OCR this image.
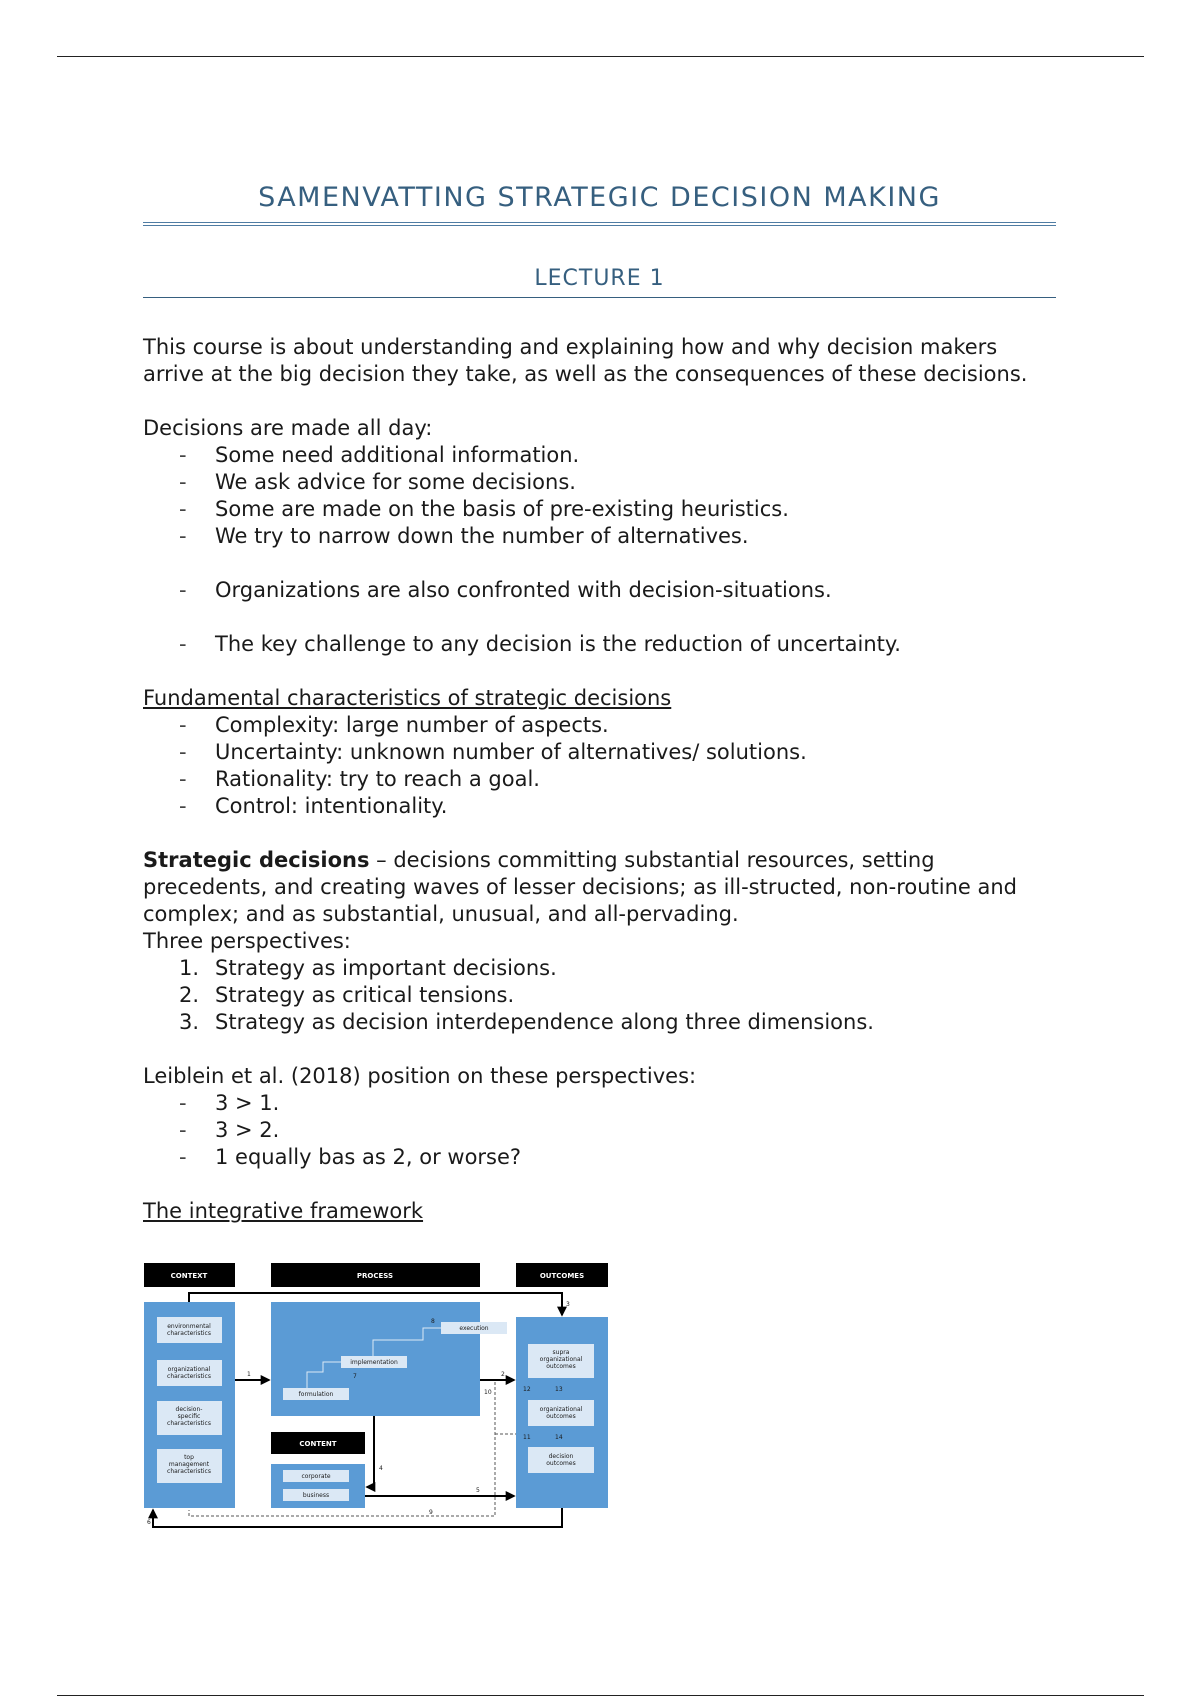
SAMENVATTING STRATEGIC DECISION MAKING
LECTURE 1

This course is about understanding and explaining how and why decision makers arrive at the big decision they take, as well as the consequences of these decisions.

Decisions are made all day:

- Some need additional information.
- We ask advice for some decisions.
- Some are made on the basis of pre-existing heuristics.
- We try to narrow down the number of alternatives.
- Organizations are also confronted with decision-situations.
- The key challenge to any decision is the reduction of uncertainty.

Fundamental characteristics of strategic decisions

- Complexity: large number of aspects.
- Uncertainty: unknown number of alternatives/ solutions.
- Rationality: try to reach a goal.
- Control: intentionality.

Strategic decisions – decisions committing substantial resources, setting precedents, and creating waves of lesser decisions; as ill-structed, non-routine and complex; and as substantial, unusual, and all-pervading.

Three perspectives:

1. Strategy as important decisions.
2. Strategy as critical tensions.
3. Strategy as decision interdependence along three dimensions.

Leiblein et al. (2018) position on these perspectives:

- 3 > 1.
- 3 > 2.
- 1 equally bas as 2, or worse?

The integrative framework

CONTEXT	PROCESS	OUTCOMES
environmental characteristics
organizational characteristics
decision-specific characteristics
top management characteristics
execution
implementation
formulation
CONTENT
corporate
business
supra organizational outcomes
organizational outcomes
decision outcomes
1	2
3
4
5
6
7
8
9
10
11
12	13
14
